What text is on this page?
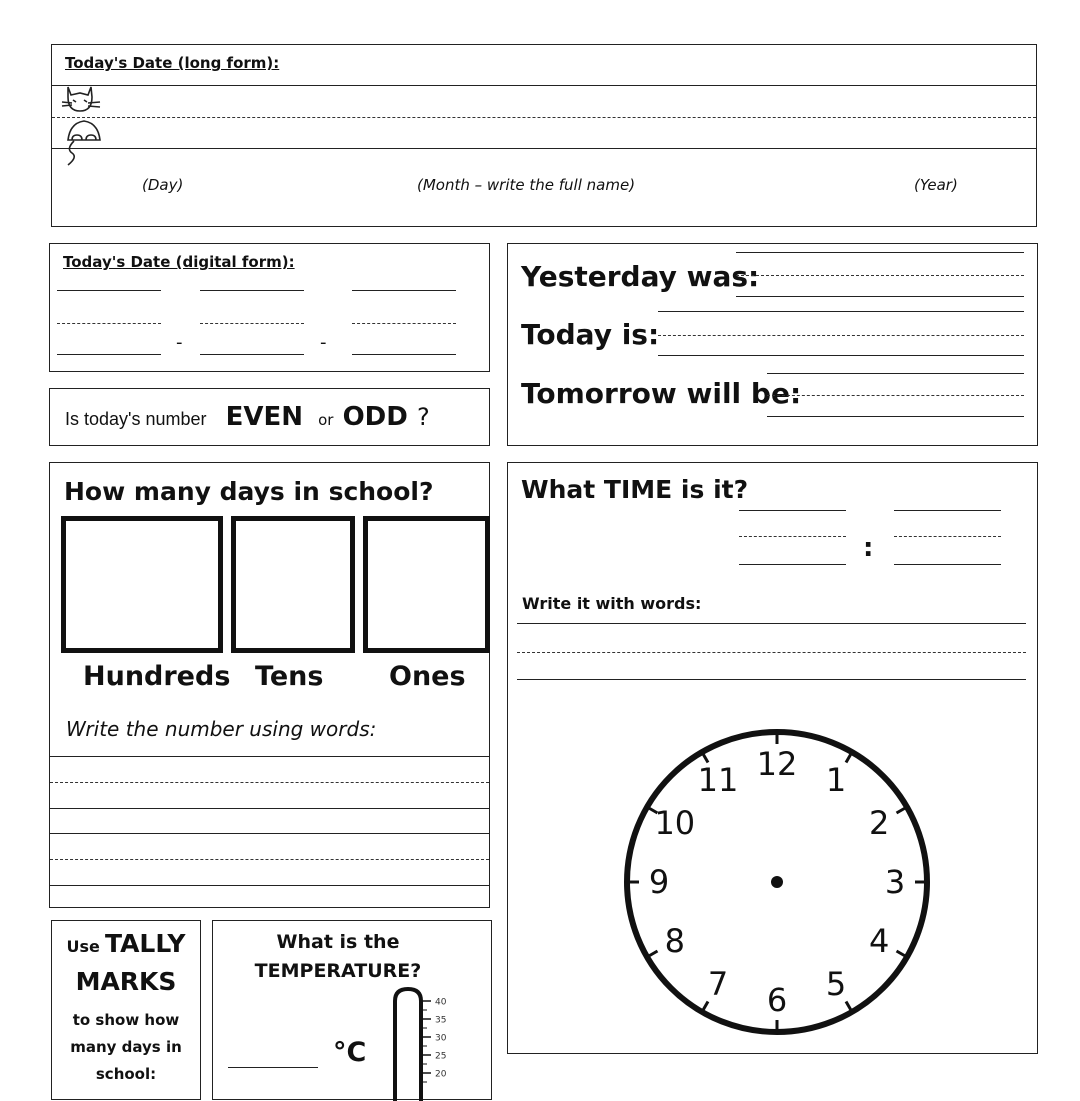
Today's Date (long form):
(Day)	(Month – write the full name)	(Year)
Today's Date (digital form):
-	-
Is today's number EVEN or ODD ?
Yesterday was:
Today is:
Tomorrow will be:
How many days in school?
Hundreds Tens Ones
Write the number using words:
What TIME is it?
:
Write it with words:
12 1
2
3
4
5
6
7
8
9
10
11
Use TALLY
MARKS
to show how
many days in
school:
What is the
TEMPERATURE?
°C
40
35
30
25
20
